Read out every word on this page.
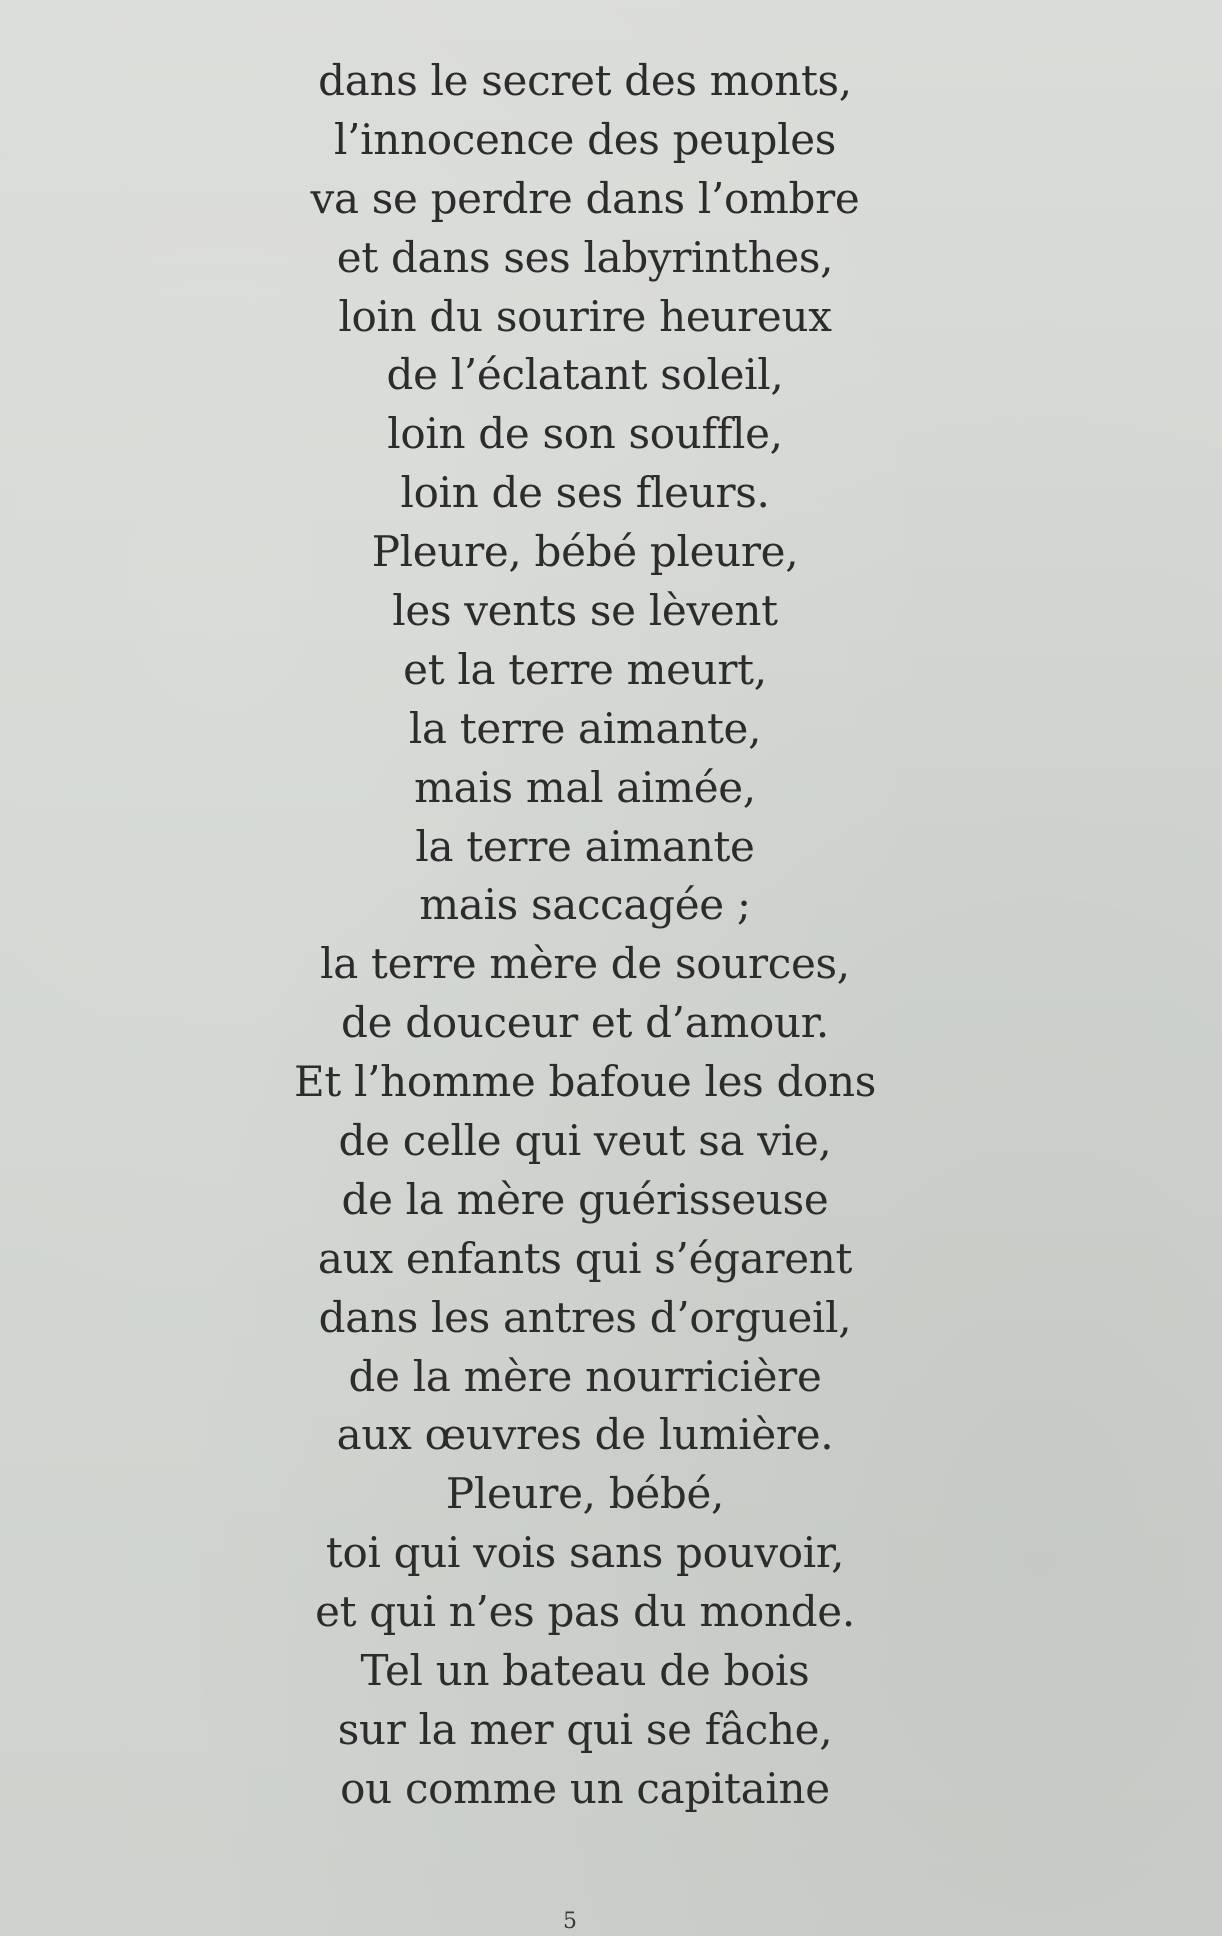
dans le secret des monts,
l’innocence des peuples
va se perdre dans l’ombre
et dans ses labyrinthes,
loin du sourire heureux
de l’éclatant soleil,
loin de son souffle,
loin de ses fleurs.
Pleure, bébé pleure,
les vents se lèvent
et la terre meurt,
la terre aimante,
mais mal aimée,
la terre aimante
mais saccagée ;
la terre mère de sources,
de douceur et d’amour.
Et l’homme bafoue les dons
de celle qui veut sa vie,
de la mère guérisseuse
aux enfants qui s’égarent
dans les antres d’orgueil,
de la mère nourricière
aux œuvres de lumière.
Pleure, bébé,
toi qui vois sans pouvoir,
et qui n’es pas du monde.
Tel un bateau de bois
sur la mer qui se fâche,
ou comme un capitaine
5
